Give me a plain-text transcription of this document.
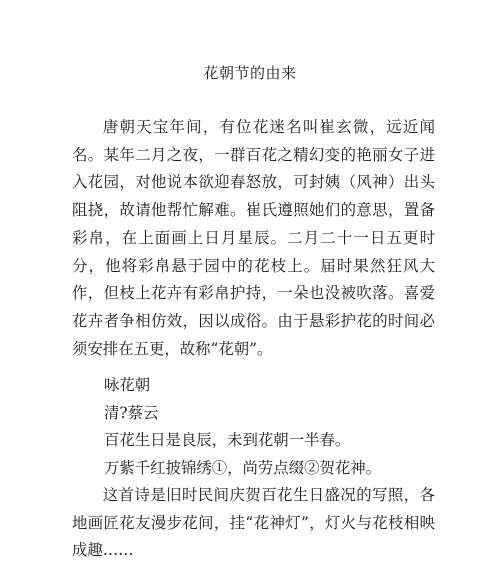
花朝节的由来

唐朝天宝年间，有位花迷名叫崔玄微，远近闻名。某年二月之夜，一群百花之精幻变的艳丽女子进入花园，对他说本欲迎春怒放，可封姨（风神）出头阻挠，故请他帮忙解难。崔氏遵照她们的意思，置备彩帛，在上面画上日月星辰。二月二十一日五更时分，他将彩帛悬于园中的花枝上。届时果然狂风大作，但枝上花卉有彩帛护持，一朵也没被吹落。喜爱花卉者争相仿效，因以成俗。由于悬彩护花的时间必须安排在五更，故称“花朝”。

咏花朝
清?蔡云
百花生日是良辰，未到花朝一半春。
万紫千红披锦绣①，尚劳点缀②贺花神。

这首诗是旧时民间庆贺百花生日盛况的写照，各地画匠花友漫步花间，挂“花神灯”，灯火与花枝相映成趣……
